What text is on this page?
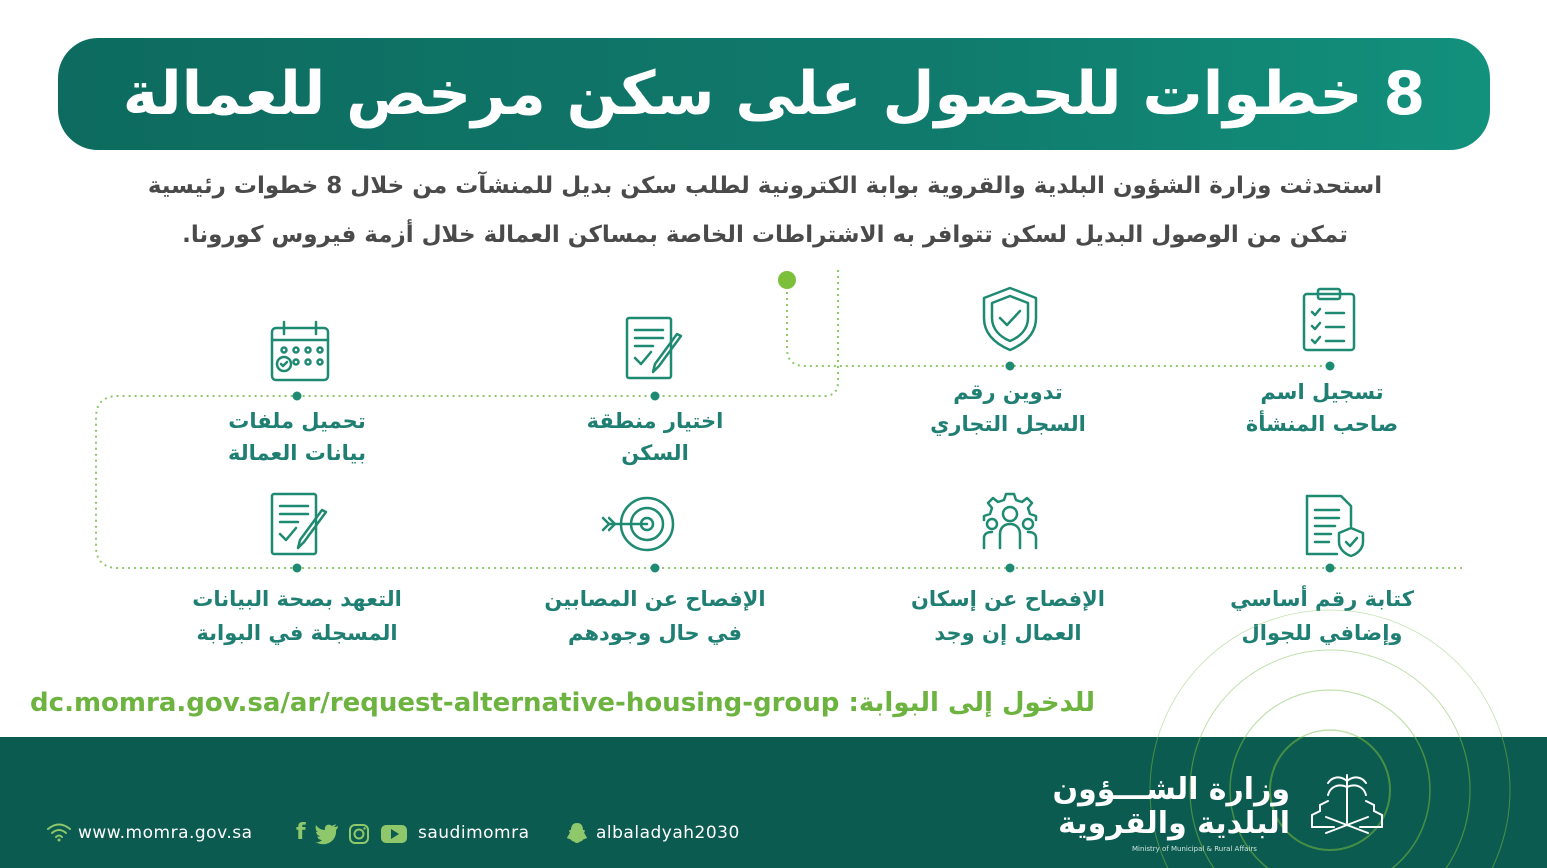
8 خطوات للحصول على سكن مرخص للعمالة
استحدثت وزارة الشؤون البلدية والقروية بوابة الكترونية لطلب سكن بديل للمنشآت من خلال 8 خطوات رئيسية
تمكن من الوصول البديل لسكن تتوافر به الاشتراطات الخاصة بمساكن العمالة خلال أزمة فيروس كورونا.
تسجيل اسم
صاحب المنشأة
تدوين رقم
السجل التجاري
اختيار منطقة
السكن
تحميل ملفات
بيانات العمالة
كتابة رقم أساسي
وإضافي للجوال
الإفصاح عن إسكان
العمال إن وجد
الإفصاح عن المصابين
في حال وجودهم
التعهد بصحة البيانات
المسجلة في البوابة
للدخول إلى البوابة: dc.momra.gov.sa/ar/request-alternative-housing-group
www.momra.gov.sa f	saudimomra	albaladyah2030
وزارة الشـــؤون
البلدية والقروية
Ministry of Municipal & Rural Affairs
